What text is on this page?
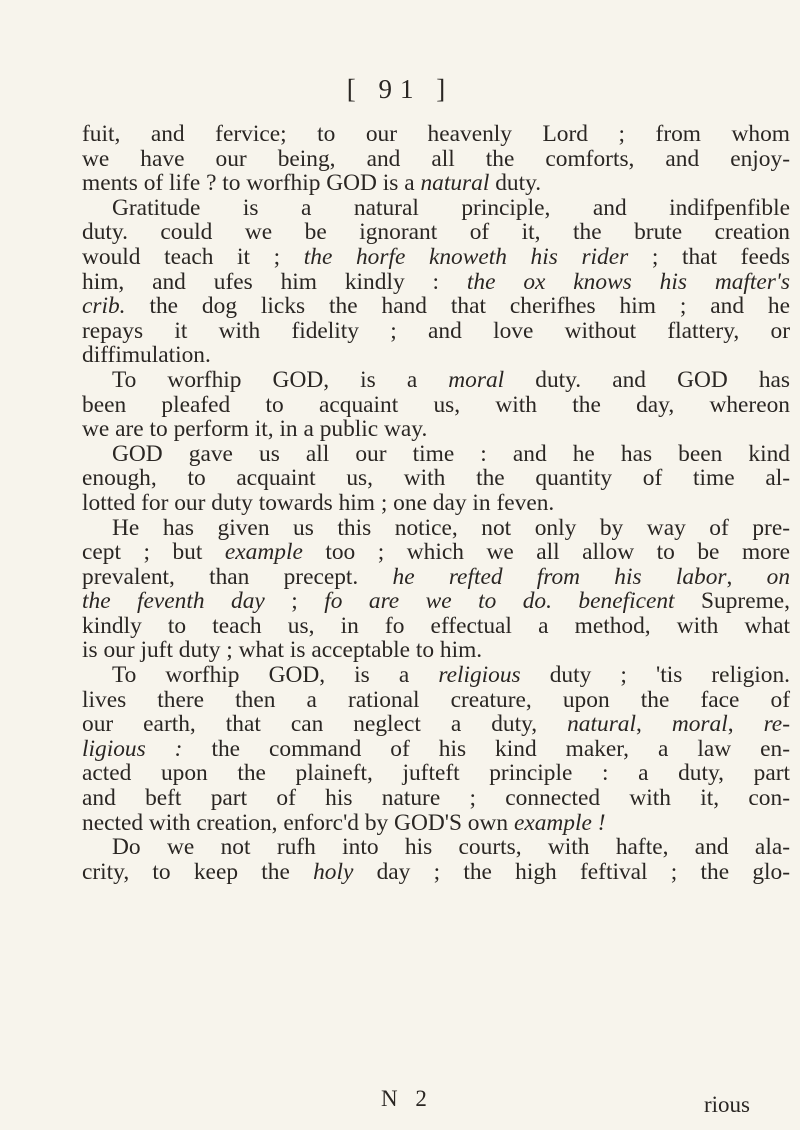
[ 91 ]
fuit, and fervice; to our heavenly Lord ; from whom
we have our being, and all the comforts, and enjoy-
ments of life ? to worfhip GOD is a natural duty.
Gratitude is a natural principle, and indifpenfible
duty. could we be ignorant of it, the brute creation
would teach it ; the horfe knoweth his rider ; that feeds
him, and ufes him kindly : the ox knows his mafter's
crib. the dog licks the hand that cherifhes him ; and he
repays it with fidelity ; and love without flattery, or
diffimulation.
To worfhip GOD, is a moral duty. and GOD has
been pleafed to acquaint us, with the day, whereon
we are to perform it, in a public way.
GOD gave us all our time : and he has been kind
enough, to acquaint us, with the quantity of time al-
lotted for our duty towards him ; one day in feven.
He has given us this notice, not only by way of pre-
cept ; but example too ; which we all allow to be more
prevalent, than precept. he refted from his labor, on
the feventh day ; fo are we to do. beneficent Supreme,
kindly to teach us, in fo effectual a method, with what
is our juft duty ; what is acceptable to him.
To worfhip GOD, is a religious duty ; 'tis religion.
lives there then a rational creature, upon the face of
our earth, that can neglect a duty, natural, moral, re-
ligious : the command of his kind maker, a law en-
acted upon the plaineft, jufteft principle : a duty, part
and beft part of his nature ; connected with it, con-
nected with creation, enforc'd by GOD'S own example !
Do we not rufh into his courts, with hafte, and ala-
crity, to keep the holy day ; the high feftival ; the glo-
N 2	rious
